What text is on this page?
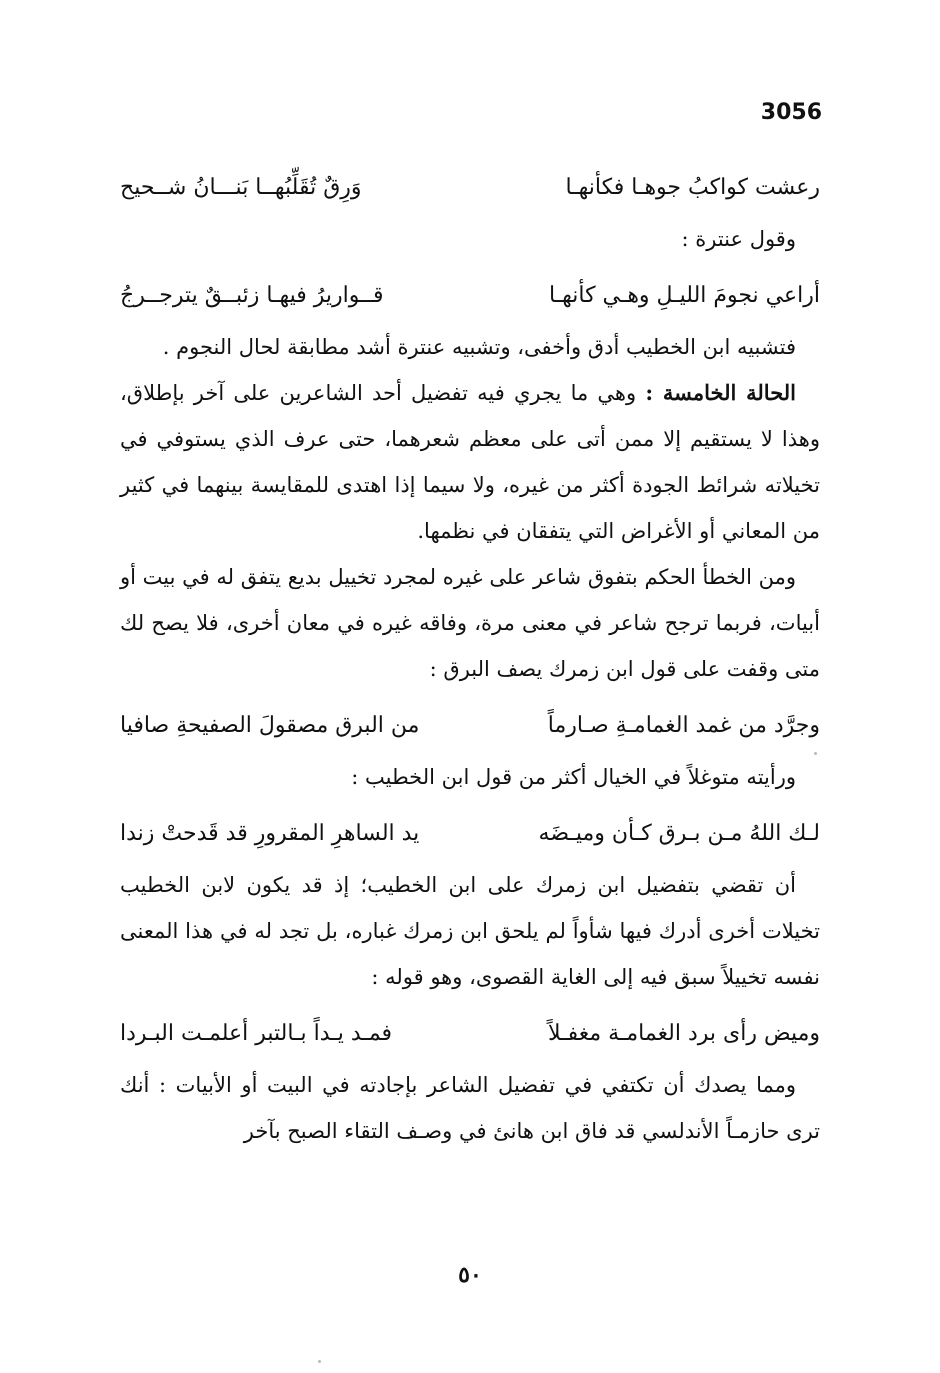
3056
رعشت كواكبُ جوهـا فكأنهـا
وَرِقٌ تُقَلِّبُهــا بَنـــانُ شــحيح

وقول عنترة :

أراعي نجومَ الليـلِ وهـي كأنهـا
قــواريرُ فيهـا زئبــقٌ يترجــرجُ

فتشبيه ابن الخطيب أدق وأخفى، وتشبيه عنترة أشد مطابقة لحال النجوم .

الحالة الخامسة : وهي ما يجري فيه تفضيل أحد الشاعرين على آخر بإطلاق، وهذا لا يستقيم إلا ممن أتى على معظم شعرهما، حتى عرف الذي يستوفي في تخيلاته شرائط الجودة أكثر من غيره، ولا سيما إذا اهتدى للمقايسة بينهما في كثير من المعاني أو الأغراض التي يتفقان في نظمها.

ومن الخطأ الحكم بتفوق شاعر على غيره لمجرد تخييل بديع يتفق له في بيت أو أبيات، فربما ترجح شاعر في معنى مرة، وفاقه غيره في معان أخرى، فلا يصح لك متى وقفت على قول ابن زمرك يصف البرق :

وجرَّد من غمد الغمامـةِ صـارماً
من البرق مصقولَ الصفيحةِ صافيا

ورأيته متوغلاً في الخيال أكثر من قول ابن الخطيب :

لـك اللهُ مـن بـرق كـأن وميـضَه
يد الساهرِ المقرورِ قد قَدحتْ زندا

أن تقضي بتفضيل ابن زمرك على ابن الخطيب؛ إذ قد يكون لابن الخطيب تخيلات أخرى أدرك فيها شأواً لم يلحق ابن زمرك غباره، بل تجد له في هذا المعنى نفسه تخييلاً سبق فيه إلى الغاية القصوى، وهو قوله :

وميض رأى برد الغمامـة مغفـلاً
فمـد يـداً بـالتبر أعلمـت البـردا

ومما يصدك أن تكتفي في تفضيل الشاعر بإجادته في البيت أو الأبيات : أنك ترى حازمـاً الأندلسي قد فاق ابن هانئ في وصـف التقاء الصبح بآخر

٥٠
